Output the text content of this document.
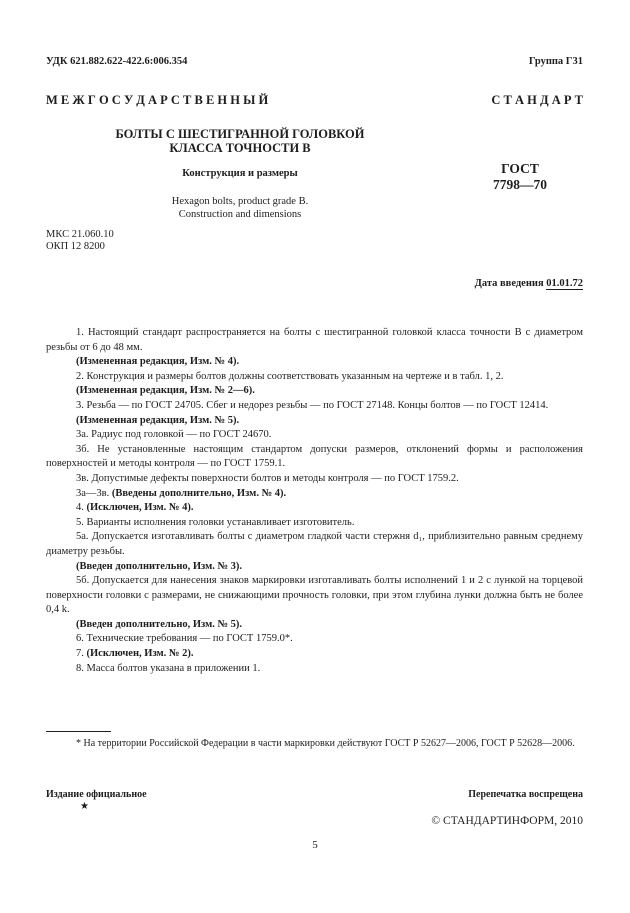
УДК 621.882.622-422.6:006.354	Группа Г31
М Е Ж Г О С У Д А Р С Т В Е Н Н Ы Й	С Т А Н Д А Р Т
БОЛТЫ С ШЕСТИГРАННОЙ ГОЛОВКОЙ
КЛАССА ТОЧНОСТИ В
Конструкция и размеры
Hexagon bolts, product grade B.
Construction and dimensions
ГОСТ
7798—70
МКС 21.060.10
ОКП 12 8200
Дата введения 01.01.72

1. Настоящий стандарт распространяется на болты с шестигранной головкой класса точности В с диаметром резьбы от 6 до 48 мм.

(Измененная редакция, Изм. № 4).

2. Конструкция и размеры болтов должны соответствовать указанным на чертеже и в табл. 1, 2.

(Измененная редакция, Изм. № 2—6).

3. Резьба — по ГОСТ 24705. Сбег и недорез резьбы — по ГОСТ 27148. Концы болтов — по ГОСТ 12414.

(Измененная редакция, Изм. № 5).

3а. Радиус под головкой — по ГОСТ 24670.

3б. Не установленные настоящим стандартом допуски размеров, отклонений формы и расположения поверхностей и методы контроля — по ГОСТ 1759.1.

3в. Допустимые дефекты поверхности болтов и методы контроля — по ГОСТ 1759.2.

3а—3в. (Введены дополнительно, Изм. № 4).

4. (Исключен, Изм. № 4).

5. Варианты исполнения головки устанавливает изготовитель.

5а. Допускается изготавливать болты с диаметром гладкой части стержня d₁, приблизительно равным среднему диаметру резьбы.

(Введен дополнительно, Изм. № 3).

5б. Допускается для нанесения знаков маркировки изготавливать болты исполнений 1 и 2 с лункой на торцевой поверхности головки с размерами, не снижающими прочность головки, при этом глубина лунки должна быть не более 0,4 k.

(Введен дополнительно, Изм. № 5).

6. Технические требования — по ГОСТ 1759.0*.

7. (Исключен, Изм. № 2).

8. Масса болтов указана в приложении 1.

* На территории Российской Федерации в части маркировки действуют ГОСТ Р 52627—2006, ГОСТ Р 52628—2006.
Издание официальное	Перепечатка воспрещена
★
© СТАНДАРТИНФОРМ, 2010
5
